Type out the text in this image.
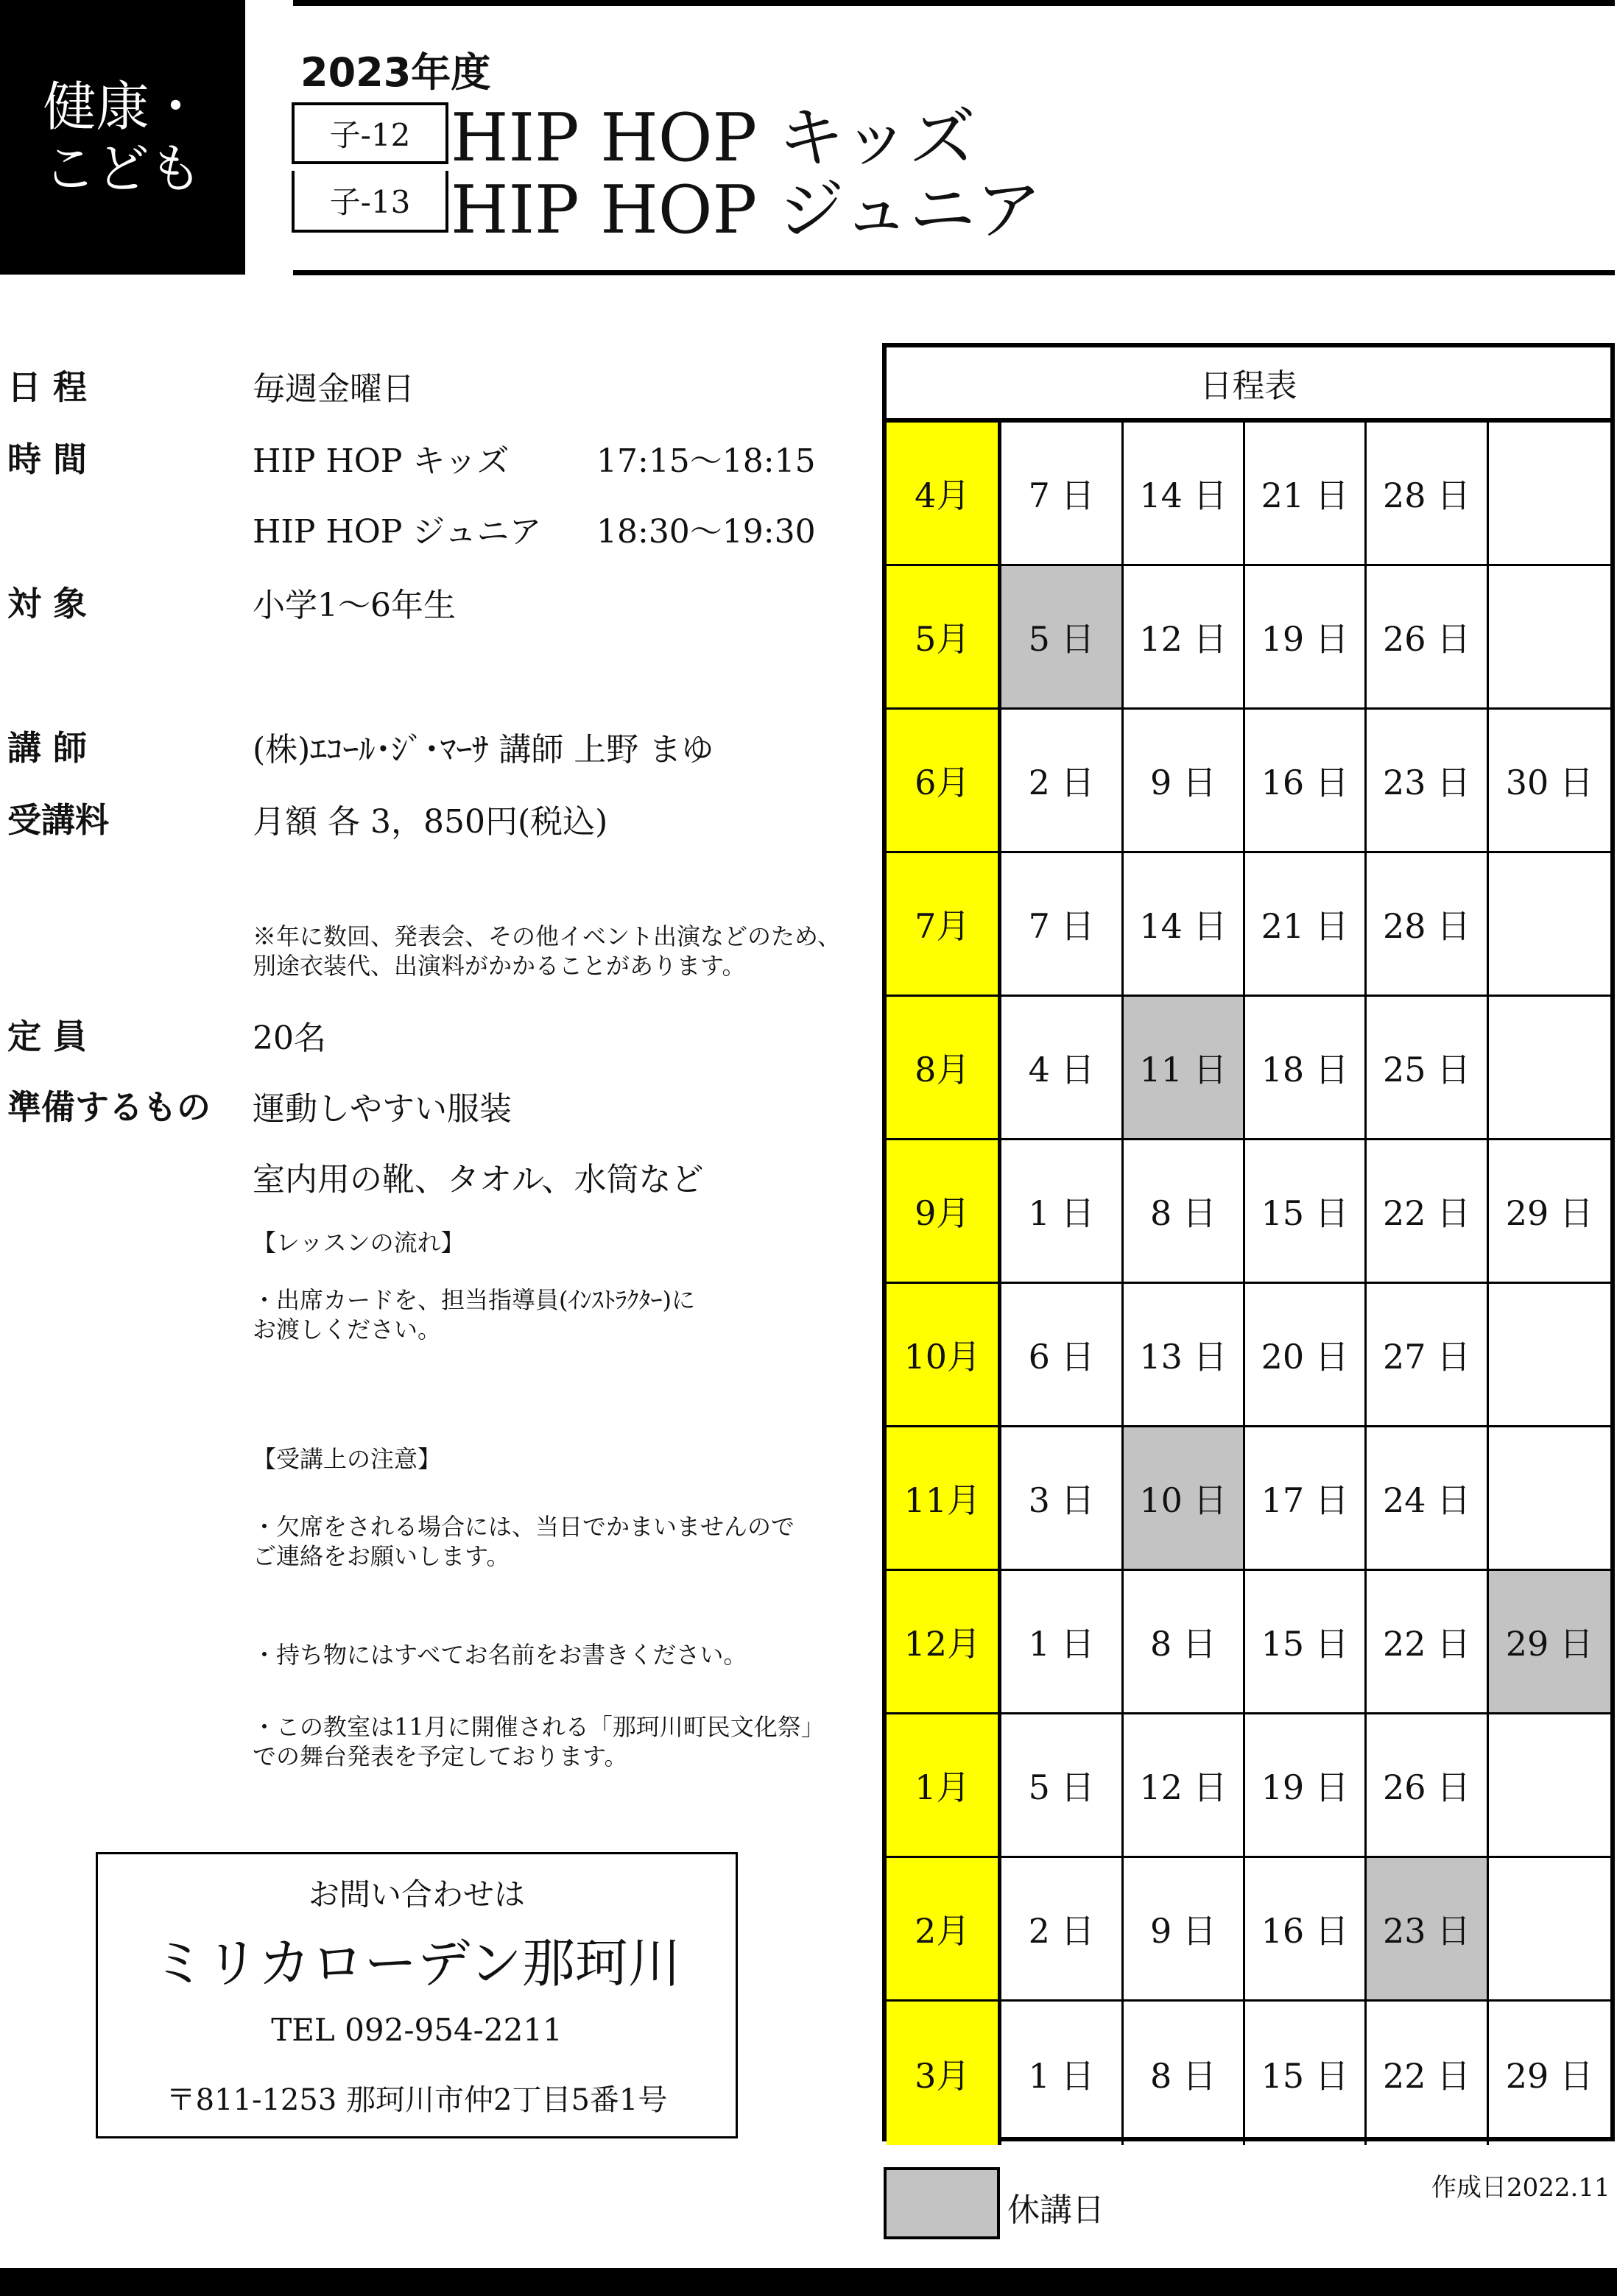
健康・
こども
2023年度
子-12
子-13
HIP HOP キッズ
HIP HOP ジュニア
日 程	毎週金曜日
時 間	HIP HOP キッズ	17:15～18:15
HIP HOP ジュニア 18:30～19:30
対 象	小学1～6年生
講 師	(株)ｴｺｰﾙ･ｼﾞ･ﾏｰｻ 講師 上野 まゆ
受講料	月額 各 3，850円(税込)
※年に数回、発表会、その他イベント出演などのため、
別途衣装代、出演料がかかることがあります。
定 員	20名
準備するもの 運動しやすい服装
室内用の靴、タオル、水筒など
【レッスンの流れ】
・出席カードを、担当指導員(ｲﾝｽﾄﾗｸﾀｰ)に
お渡しください。
【受講上の注意】
・欠席をされる場合には、当日でかまいませんので
ご連絡をお願いします。
・持ち物にはすべてお名前をお書きください。
・この教室は11月に開催される「那珂川町民文化祭」
での舞台発表を予定しております。
お問い合わせは
ミリカローデン那珂川
TEL 092-954-2211
〒811-1253 那珂川市仲2丁目5番1号
日程表
4月	7 日	14 日	21 日	28 日
5月	5 日	12 日	19 日	26 日
6月	2 日	9 日	16 日	23 日	30 日
7月	7 日	14 日	21 日	28 日
8月	4 日	11 日	18 日	25 日
9月	1 日	8 日	15 日	22 日	29 日
10月	6 日	13 日	20 日	27 日
11月	3 日	10 日	17 日	24 日
12月	1 日	8 日	15 日	22 日	29 日
1月	5 日	12 日	19 日	26 日
2月	2 日	9 日	16 日	23 日
3月	1 日	8 日	15 日	22 日	29 日
休講日
作成日2022.11
